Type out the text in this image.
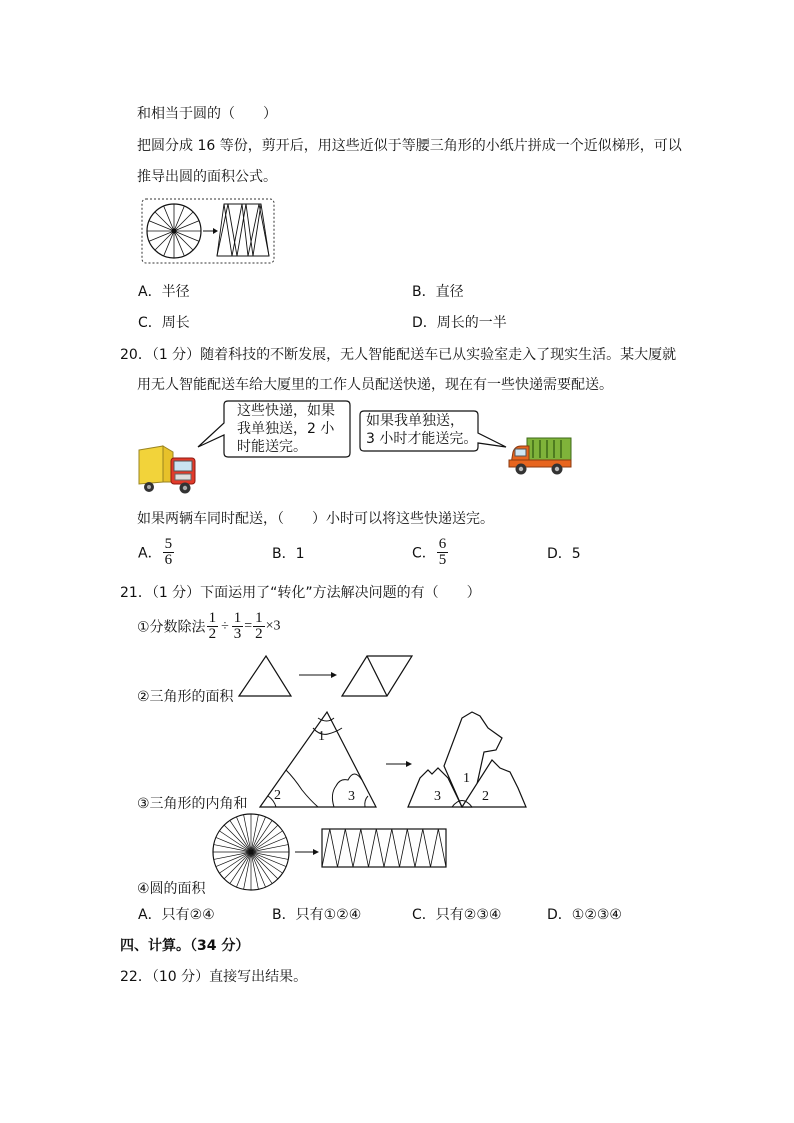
和相当于圆的（　　）
把圆分成 16 等份，剪开后，用这些近似于等腰三角形的小纸片拼成一个近似梯形，可以
推导出圆的面积公式。
A．半径	B．直径
C．周长	D．周长的一半
20．（1 分）随着科技的不断发展，无人智能配送车已从实验室走入了现实生活。某大厦就
用无人智能配送车给大厦里的工作人员配送快递，现在有一些快递需要配送。
这些快递，如果
我单独送，2 小
时能送完。
如果我单独送，
3 小时才能送完。
如果两辆车同时配送，（　　）小时可以将这些快递送完。
A． $\frac{5}{6}$	B．1	C． $\frac{6}{5}$	D．5
21．（1 分）下面运用了“转化”方法解决问题的有（　　）
①分数除法 $\frac{1}{2} \div \frac{1}{3} = \frac{1}{2} \times 3$
②三角形的面积
1
2	3
1
2
3
③三角形的内角和
④圆的面积
A．只有②④	B．只有①②④	C．只有②③④	D．①②③④
四、计算。（34 分）
22．（10 分）直接写出结果。
